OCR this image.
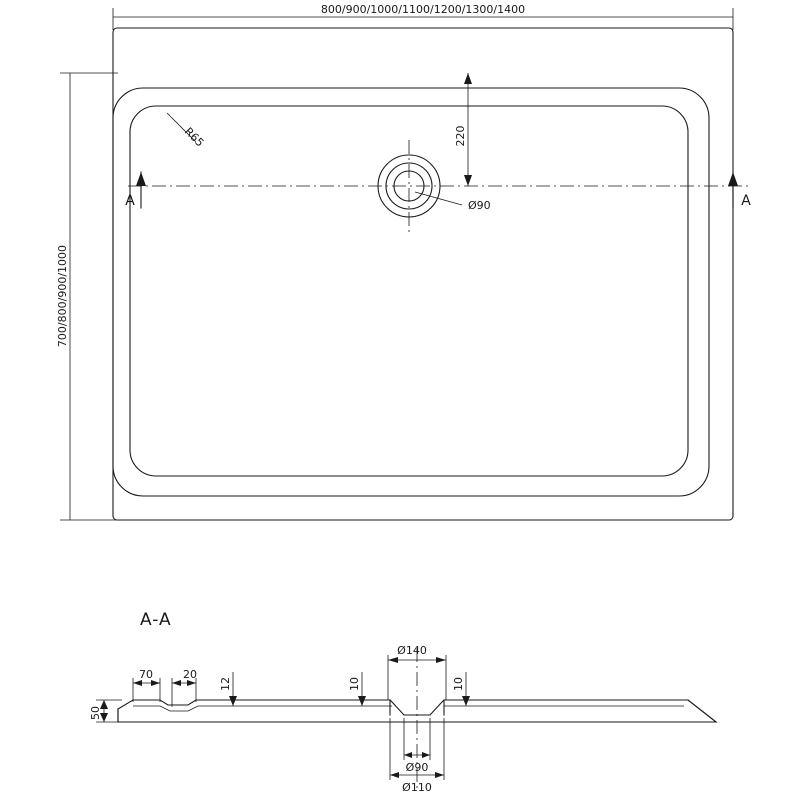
800/900/1000/1100/1200/1300/1400
700/800/900/1000
R65	220
Ø90
A	A
A-A
Ø140
70	20
12	10	10
50
Ø90
Ø110
